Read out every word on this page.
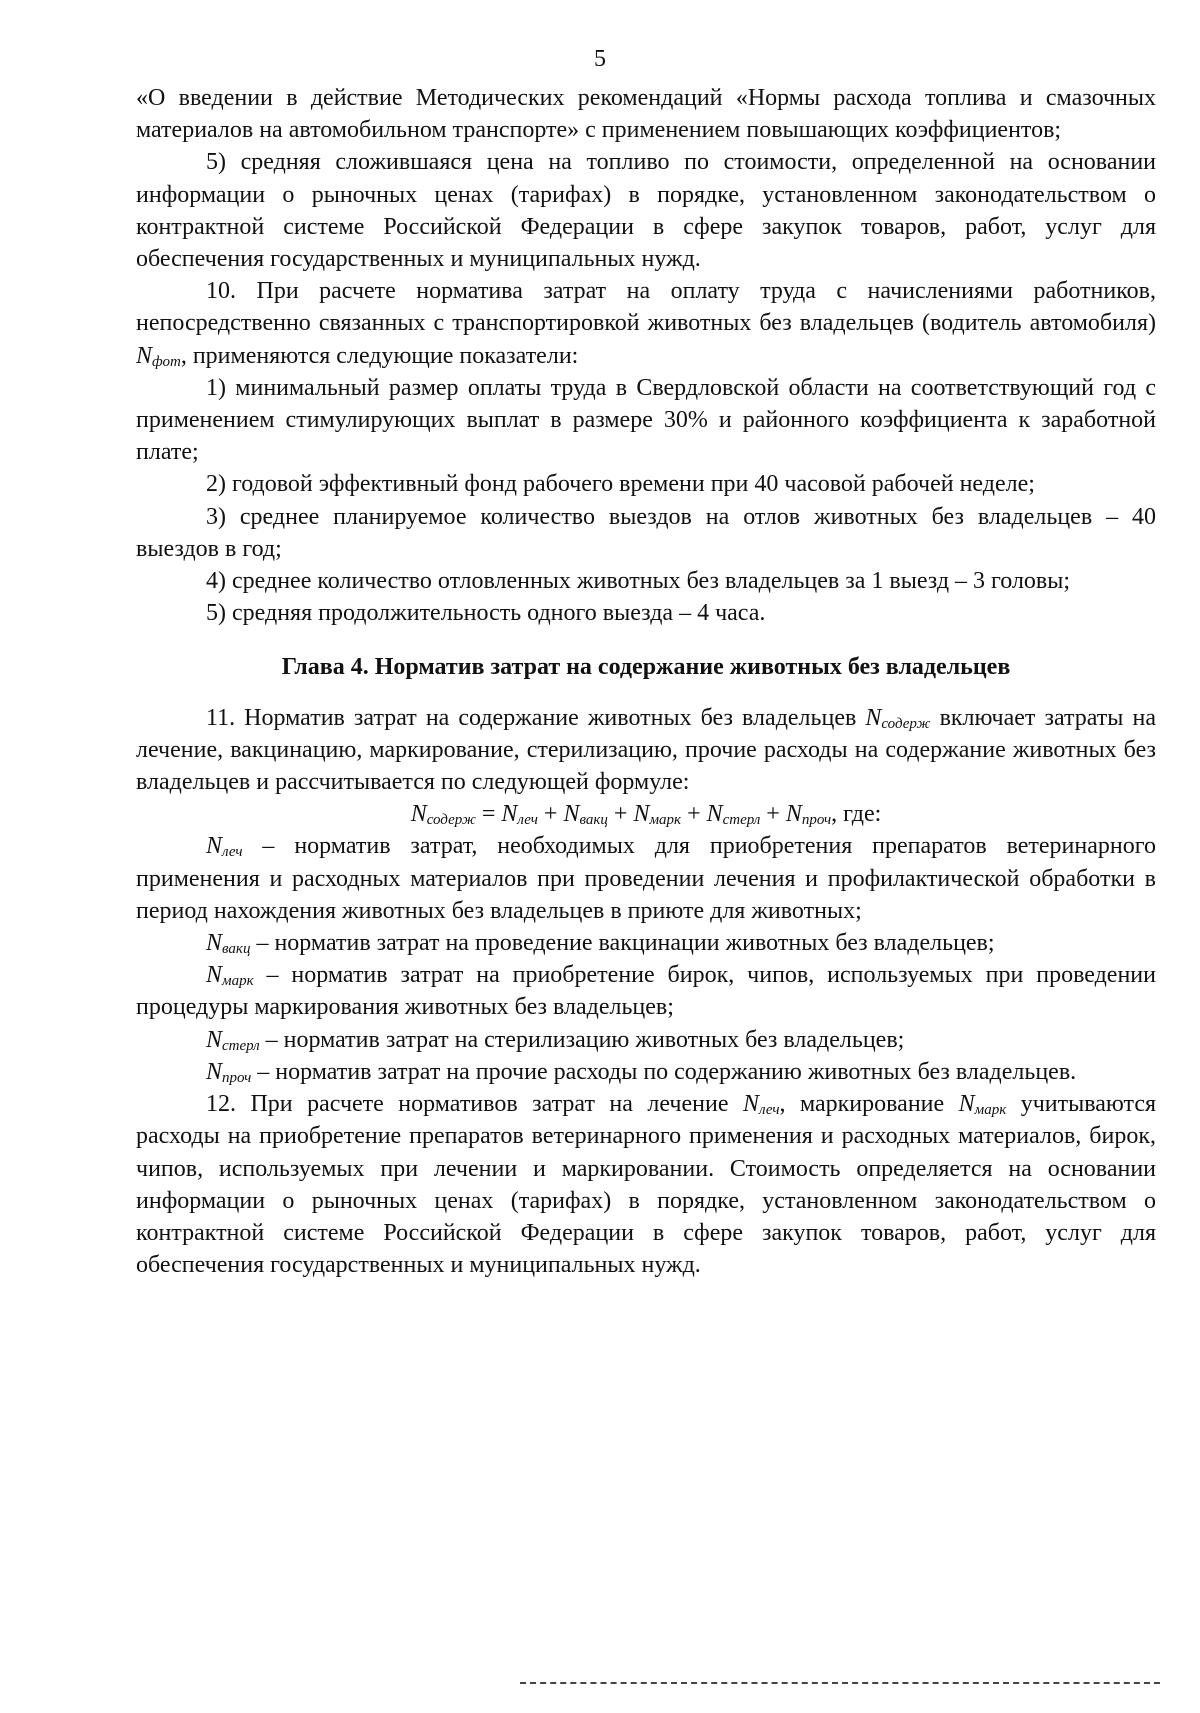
5

«О введении в действие Методических рекомендаций «Нормы расхода топлива и смазочных материалов на автомобильном транспорте» с применением повышающих коэффициентов;

5) средняя сложившаяся цена на топливо по стоимости, определенной на основании информации о рыночных ценах (тарифах) в порядке, установленном законодательством о контрактной системе Российской Федерации в сфере закупок товаров, работ, услуг для обеспечения государственных и муниципальных нужд.

10. При расчете норматива затрат на оплату труда с начислениями работников, непосредственно связанных с транспортировкой животных без владельцев (водитель автомобиля) $N_{фот}$, применяются следующие показатели:

1) минимальный размер оплаты труда в Свердловской области на соответствующий год с применением стимулирующих выплат в размере 30% и районного коэффициента к заработной плате;

2) годовой эффективный фонд рабочего времени при 40 часовой рабочей неделе;

3) среднее планируемое количество выездов на отлов животных без владельцев – 40 выездов в год;

4) среднее количество отловленных животных без владельцев за 1 выезд – 3 головы;

5) средняя продолжительность одного выезда – 4 часа.

Глава 4. Норматив затрат на содержание животных без владельцев

11. Норматив затрат на содержание животных без владельцев $N_{содерж}$ включает затраты на лечение, вакцинацию, маркирование, стерилизацию, прочие расходы на содержание животных без владельцев и рассчитывается по следующей формуле:

$N_{содерж} = N_{леч} + N_{вакц} + N_{марк} + N_{стерл} + N_{проч}$, где:

$N_{леч}$ – норматив затрат, необходимых для приобретения препаратов ветеринарного применения и расходных материалов при проведении лечения и профилактической обработки в период нахождения животных без владельцев в приюте для животных;

$N_{вакц}$ – норматив затрат на проведение вакцинации животных без владельцев;

$N_{марк}$ – норматив затрат на приобретение бирок, чипов, используемых при проведении процедуры маркирования животных без владельцев;

$N_{стерл}$ – норматив затрат на стерилизацию животных без владельцев;

$N_{проч}$ – норматив затрат на прочие расходы по содержанию животных без владельцев.

12. При расчете нормативов затрат на лечение $N_{леч}$, маркирование $N_{марк}$ учитываются расходы на приобретение препаратов ветеринарного применения и расходных материалов, бирок, чипов, используемых при лечении и маркировании. Стоимость определяется на основании информации о рыночных ценах (тарифах) в порядке, установленном законодательством о контрактной системе Российской Федерации в сфере закупок товаров, работ, услуг для обеспечения государственных и муниципальных нужд.
